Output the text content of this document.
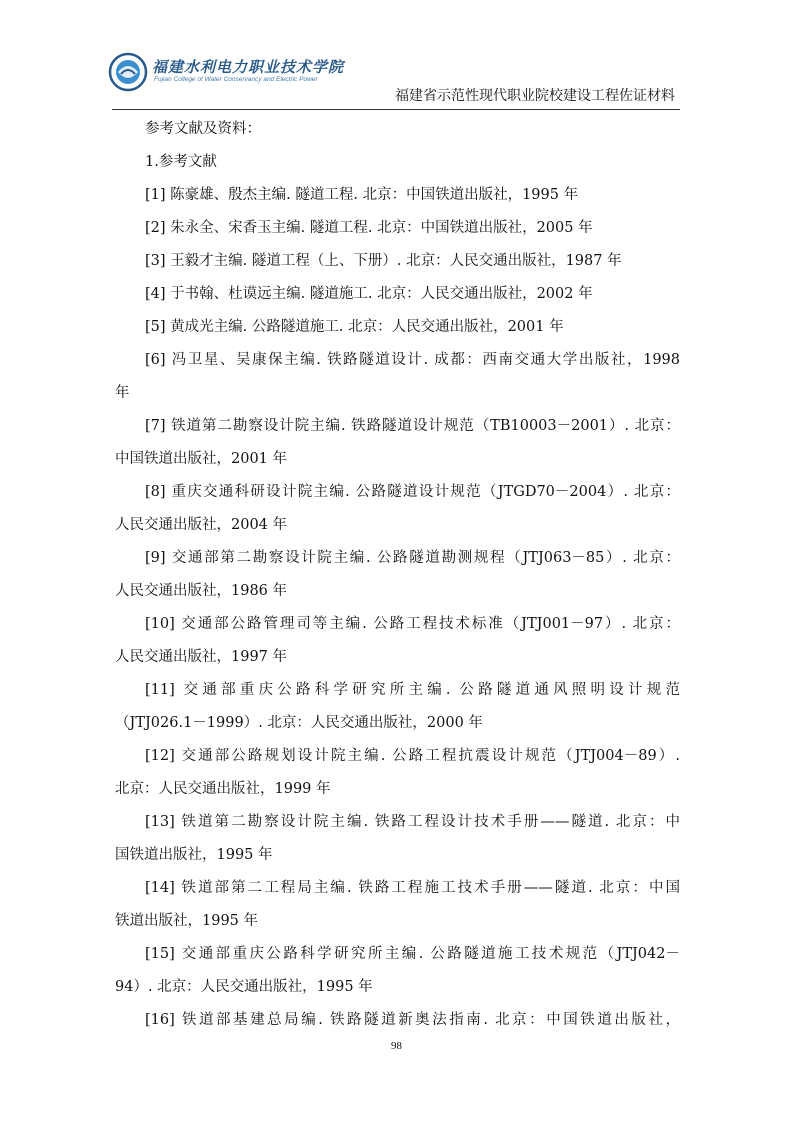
福建水利电力职业技术学院
Fujian College of Water Conservancy and Electric Power
福建省示范性现代职业院校建设工程佐证材料
参考文献及资料：
1.参考文献
[1] 陈豪雄、殷杰主编. 隧道工程. 北京：中国铁道出版社，1995 年
[2] 朱永全、宋香玉主编. 隧道工程. 北京：中国铁道出版社，2005 年
[3] 王毅才主编. 隧道工程（上、下册）. 北京：人民交通出版社，1987 年
[4] 于书翰、杜谟远主编. 隧道施工. 北京：人民交通出版社，2002 年
[5] 黄成光主编. 公路隧道施工. 北京：人民交通出版社，2001 年
[6] 冯卫星、吴康保主编. 铁路隧道设计. 成都：西南交通大学出版社，1998
年
[7] 铁道第二勘察设计院主编. 铁路隧道设计规范（TB10003－2001）. 北京：
中国铁道出版社，2001 年
[8] 重庆交通科研设计院主编. 公路隧道设计规范（JTGD70－2004）. 北京：
人民交通出版社，2004 年
[9] 交通部第二勘察设计院主编. 公路隧道勘测规程（JTJ063－85）. 北京：
人民交通出版社，1986 年
[10] 交通部公路管理司等主编. 公路工程技术标准（JTJ001－97）. 北京：
人民交通出版社，1997 年
[11] 交通部重庆公路科学研究所主编. 公路隧道通风照明设计规范
（JTJ026.1－1999）. 北京：人民交通出版社，2000 年
[12] 交通部公路规划设计院主编. 公路工程抗震设计规范（JTJ004－89）.
北京：人民交通出版社，1999 年
[13] 铁道第二勘察设计院主编. 铁路工程设计技术手册——隧道. 北京：中
国铁道出版社，1995 年
[14] 铁道部第二工程局主编. 铁路工程施工技术手册——隧道. 北京：中国
铁道出版社，1995 年
[15] 交通部重庆公路科学研究所主编. 公路隧道施工技术规范（JTJ042－
94）. 北京：人民交通出版社，1995 年
[16] 铁道部基建总局编. 铁路隧道新奥法指南. 北京：中国铁道出版社，
98
